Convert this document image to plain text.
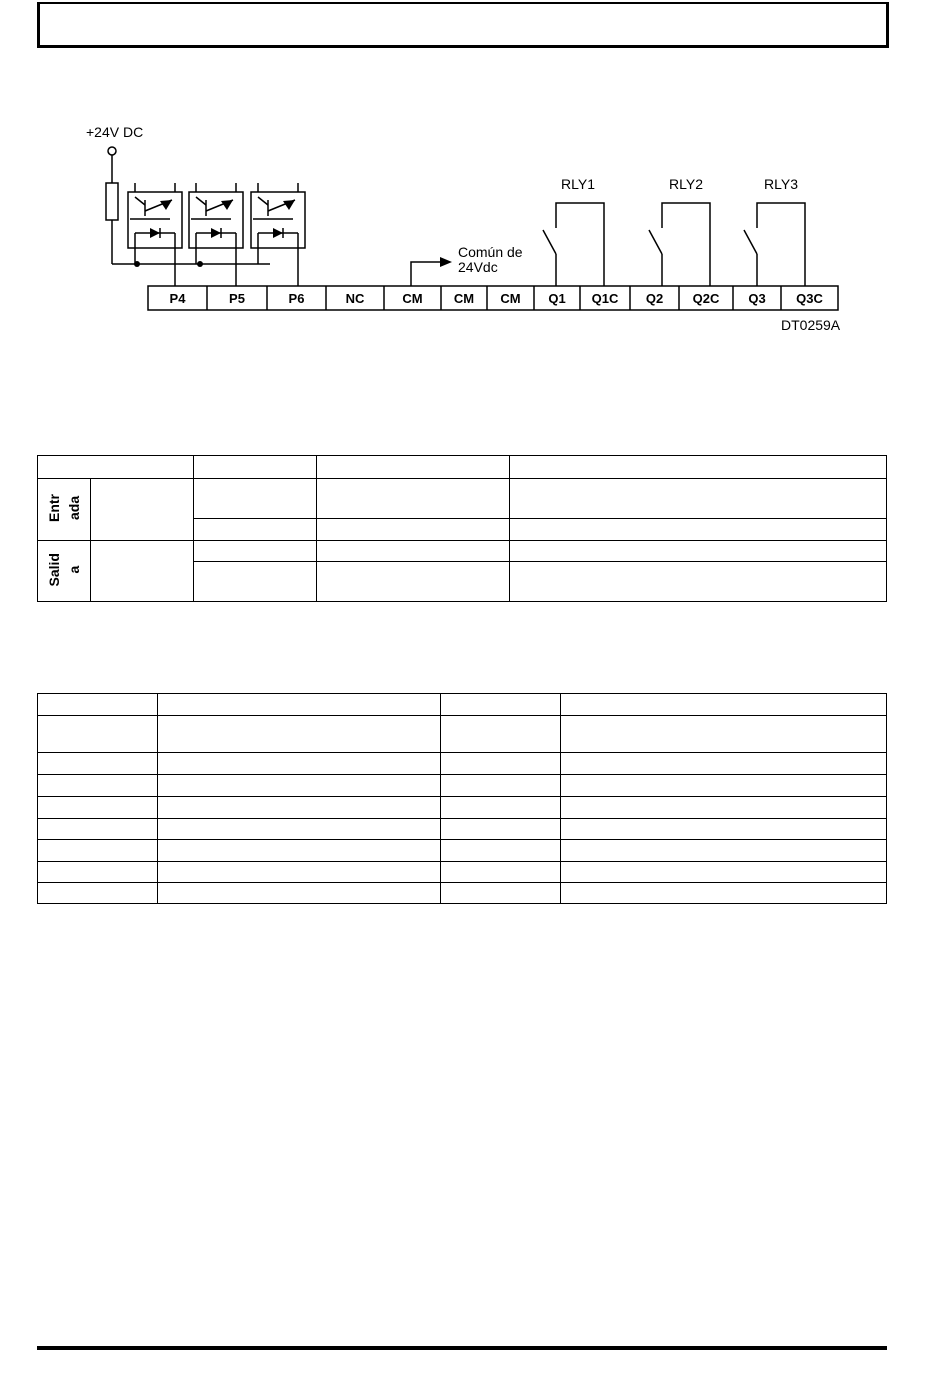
+24V DC
Común de
24Vdc
RLY1	RLY2	RLY3
DT0259A
P4	P5	P6	NC	CM CM CM Q1 Q1C Q2 Q2C Q3 Q3C

Entr
ada				

Salid
a				
